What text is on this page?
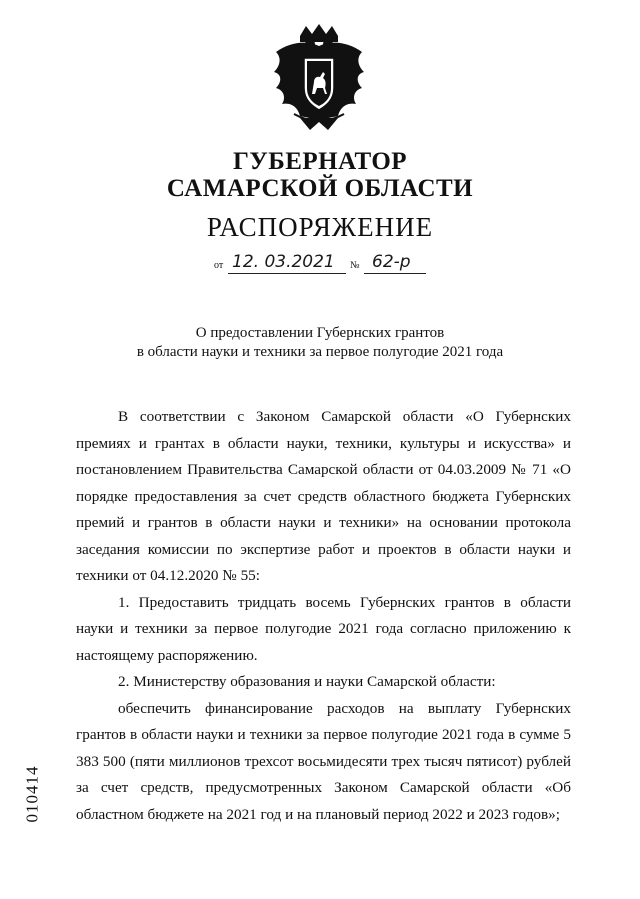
ГУБЕРНАТОР
САМАРСКОЙ ОБЛАСТИ
РАСПОРЯЖЕНИЕ
от 12. 03.2021 № 62-р
О предоставлении Губернских грантов
в области науки и техники за первое полугодие 2021 года

В соответствии с Законом Самарской области «О Губернских премиях и грантах в области науки, техники, культуры и искусства» и постановлением Правительства Самарской области от 04.03.2009 № 71 «О порядке предоставления за счет средств областного бюджета Губернских премий и грантов в области науки и техники» на основании протокола заседания комиссии по экспертизе работ и проектов в области науки и техники от 04.12.2020 № 55:

1. Предоставить тридцать восемь Губернских грантов в области науки и техники за первое полугодие 2021 года согласно приложению к настоящему распоряжению.

2. Министерству образования и науки Самарской области:

обеспечить финансирование расходов на выплату Губернских грантов в области науки и техники за первое полугодие 2021 года в сумме 5 383 500 (пяти миллионов трехсот восьмидесяти трех тысяч пятисот) рублей за счет средств, предусмотренных Законом Самарской области «Об областном бюджете на 2021 год и на плановый период 2022 и 2023 годов»;

010414
